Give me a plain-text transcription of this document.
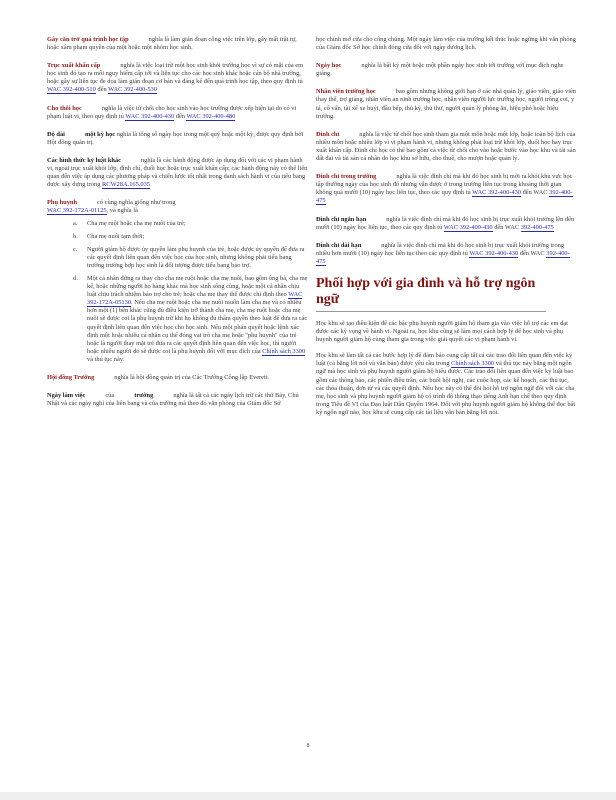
Gây căn trở quá trình học tập	nghĩa là làm gián đoạn công việc trên lớp, gây mất trật tự, hoặc xâm phạm quyền của một hoặc một nhóm học sinh.
Trục xuất khẩn cấp	nghĩa là việc loại trừ một học sinh khỏi trường học vì sự có mặt của em học sinh đó tạo ra mối nguy hiểm cấp tới và liên tục cho các học sinh khác hoặc cán bộ nhà trường, hoặc gây sự liên tục đe dọa làm gián đoạn cơ bản và đáng kể đến quá trình học tập, theo quy định tủ WAC 392-400-510 đến WAC 392-400-530
Cho thôi học	nghĩa là việc từ chối cho học sinh vào học trường được xếp hiện tại do có vi phạm luật vi, theo quy định tủ WAC 392-400-430 đến WAC 392-400-480
Độ dài	một kỳ học nghĩa là tổng số ngày học trong một quý hoặc một kỳ, được quy định bởi Hội đồng quản trị.
Các hình thức kỷ luật khác	nghĩa là các hành động được áp dụng đối với các vi phạm hành vi, ngoài trục xuất khỏi lớp, đình chỉ, đuổi học hoặc trục xuất khẩn cấp; các hành động này có thể liên quan đến việc áp dụng các phương pháp và chiến lược tốt nhất trong danh sách hành vi của tiểu bang được xây dựng trong RCW28A.165.035
Phụ huynh	có cùng nghĩa giống như trong
WAC 392-172A-01125, và nghĩa là
a. Cha mẹ ruột hoặc cha mẹ nuôi của trẻ;
b. Cha mẹ nuôi tạm thời;
c. Người giám hộ được ủy quyền làm phụ huynh của trẻ, hoặc được ủy quyền để đưa ra các quyết định liên quan đến việc học của học sinh, nhưng không phải tiểu bang trường trường hợp học sinh là đối tượng được tiểu bang bảo trợ.
d. Một cá nhân đứng ra thay cho cha mẹ ruột hoặc cha mẹ nuôi, bao gồm ông bà, cha mẹ kế, hoặc những người họ hàng khác mà học sinh sống cùng, hoặc một cá nhân chịu luật chịu trách nhiệm bảo trợ cho trẻ; hoặc cha mẹ thay thế được chỉ định theo WAC 392-172A-05130. Nếu cha mẹ ruột hoặc cha mẹ nuôi muốn làm cha mẹ và có nhiều hơn một (1) bên khác cũng đủ điều kiện trở thành cha mẹ, cha mẹ ruột hoặc cha mẹ nuôi sẽ được coi là phụ huynh trừ khi họ không đủ thẩm quyền theo luật để đưa ra các quyết định liên quan đến việc học cho học sinh. Nếu một phán quyết hoặc lệnh xác định một hoặc nhiều cá nhân cụ thể đóng vai trò cha mẹ hoặc "phụ huynh" của trẻ hoặc là người thay mặt trẻ đưa ra các quyết định liên quan đến việc học, thì người hoặc nhiều người đó sẽ được coi là phụ huynh đối với mục đích của Chính sách 3300 và thủ tục này.
Hội đồng Trường	nghĩa là hội đồng quản trị của Các Trường Công lập Everett.
Ngày làm việc	của	trường	nghĩa là tất cả các ngày lịch trừ các thứ Bảy, Chủ Nhật và các ngày nghỉ của liên bang và của trường mà theo đó văn phòng của Giám đốc Sở
học chính mở cửa cho công chúng. Một ngày làm việc của trường kết thúc hoặc ngừng khi văn phòng của Giám đốc Sở học chính đóng cửa đối với ngày dương lịch.
Ngày học	nghĩa là bất kỳ một hoặc một phần ngày học sinh tới trường với mục đích nghe giảng.
Nhân viên trường học	bao gồm nhưng không giới hạn ở các nhà quản lý, giáo viên, giáo viên thay thế, trợ giảng, nhân viên an ninh trường học, nhân viên người lực trường học, người trông coi, y tá, cố vấn, tài xế xe buýt, đầu bếp, thủ ký, thủ thư, người quản lý phòng ăn, hiệu phó hoặc hiệu trưởng.
Đình chỉ	nghĩa là việc từ chối học sinh tham gia một môn hoặc một lớp, hoặc toàn bộ lịch của nhiều môn hoặc nhiều lớp vì vi phạm hành vi, nhưng không phải loại trừ khỏi lớp, đuổi học hay trục xuất khẩn cấp. Đình chỉ học có thể bao gồm cả việc từ chối cho vào hoặc bước vào học khu và tài sản đất đai và tài sản cá nhân do học khu sở hữu, cho thuê, cho mượn hoặc quản lý.
Đình chỉ trong trường	nghĩa là việc đình chỉ mà khi đó học sinh bị mời ra khỏi khu vực học tập thường ngày của học sinh đó nhưng vẫn được ở trong trường liên tục trong khoảng thời gian không quá mười (10) ngày học liên tục, theo các quy định tủ WAC 392-400-430 đến WAC 392-400-475
Đình chỉ ngắn hạn	nghĩa là việc đình chỉ mà khi đó học sinh bị trục xuất khỏi trường lên đến mười (10) ngày học liên tục, theo các quy định tủ WAC 392-400-430 đến WAC 392-400-475
Đình chỉ dài hạn	nghĩa là việc đình chỉ mà khi đó học sinh bị trục xuất khỏi trường trong nhiều hơn mười (10) ngày học liên tục theo các quy định tủ WAC 392-400-430 đến WAC 392-400-475
Phối hợp với gia đình và hỗ trợ ngôn ngữ
Học khu sẽ tạo điều kiện để các bậc phụ huynh người giám hộ tham gia vào việc hỗ trợ các em đạt được các kỳ vọng về hành vi. Ngoài ra, học khu cũng sẽ làm mọi cách hợp lý để học sinh và phụ huynh người giám hộ cùng tham gia trong việc giải quyết các vi phạm hành vi.
Học khu sẽ làm tất cả các bước hợp lý để đảm bảo cung cấp tất cả các trao đổi liên quan đến việc kỷ luật (cả bằng lời nói và văn bản) được yêu cầu trong Chính sách 3300 và thủ tục này bằng một ngôn ngữ mà học sinh và phụ huynh người giám hộ hiểu được. Các trao đổi liên quan đến việc kỷ luật bao gồm các thông báo, các phiên điều trần, các buổi hội nghị, các cuộc họp, các kế hoạch, các thủ tục, các thỏa thuận, đơn từ và các quyết định. Nếu học này có thể đòi hỏi hỗ trợ ngôn ngữ đối với các cha mẹ, học sinh và phụ huynh người giám hộ có trình độ thông thạo tiếng Anh hạn chế theo quy định trong Tiêu đề VI của Đạo luật Dân Quyền 1964. Đối với phụ huynh người giám hộ không thể đọc bất kỳ ngôn ngữ nào, học khu sẽ cung cấp các tài liệu văn bản bằng lời nói.
8
